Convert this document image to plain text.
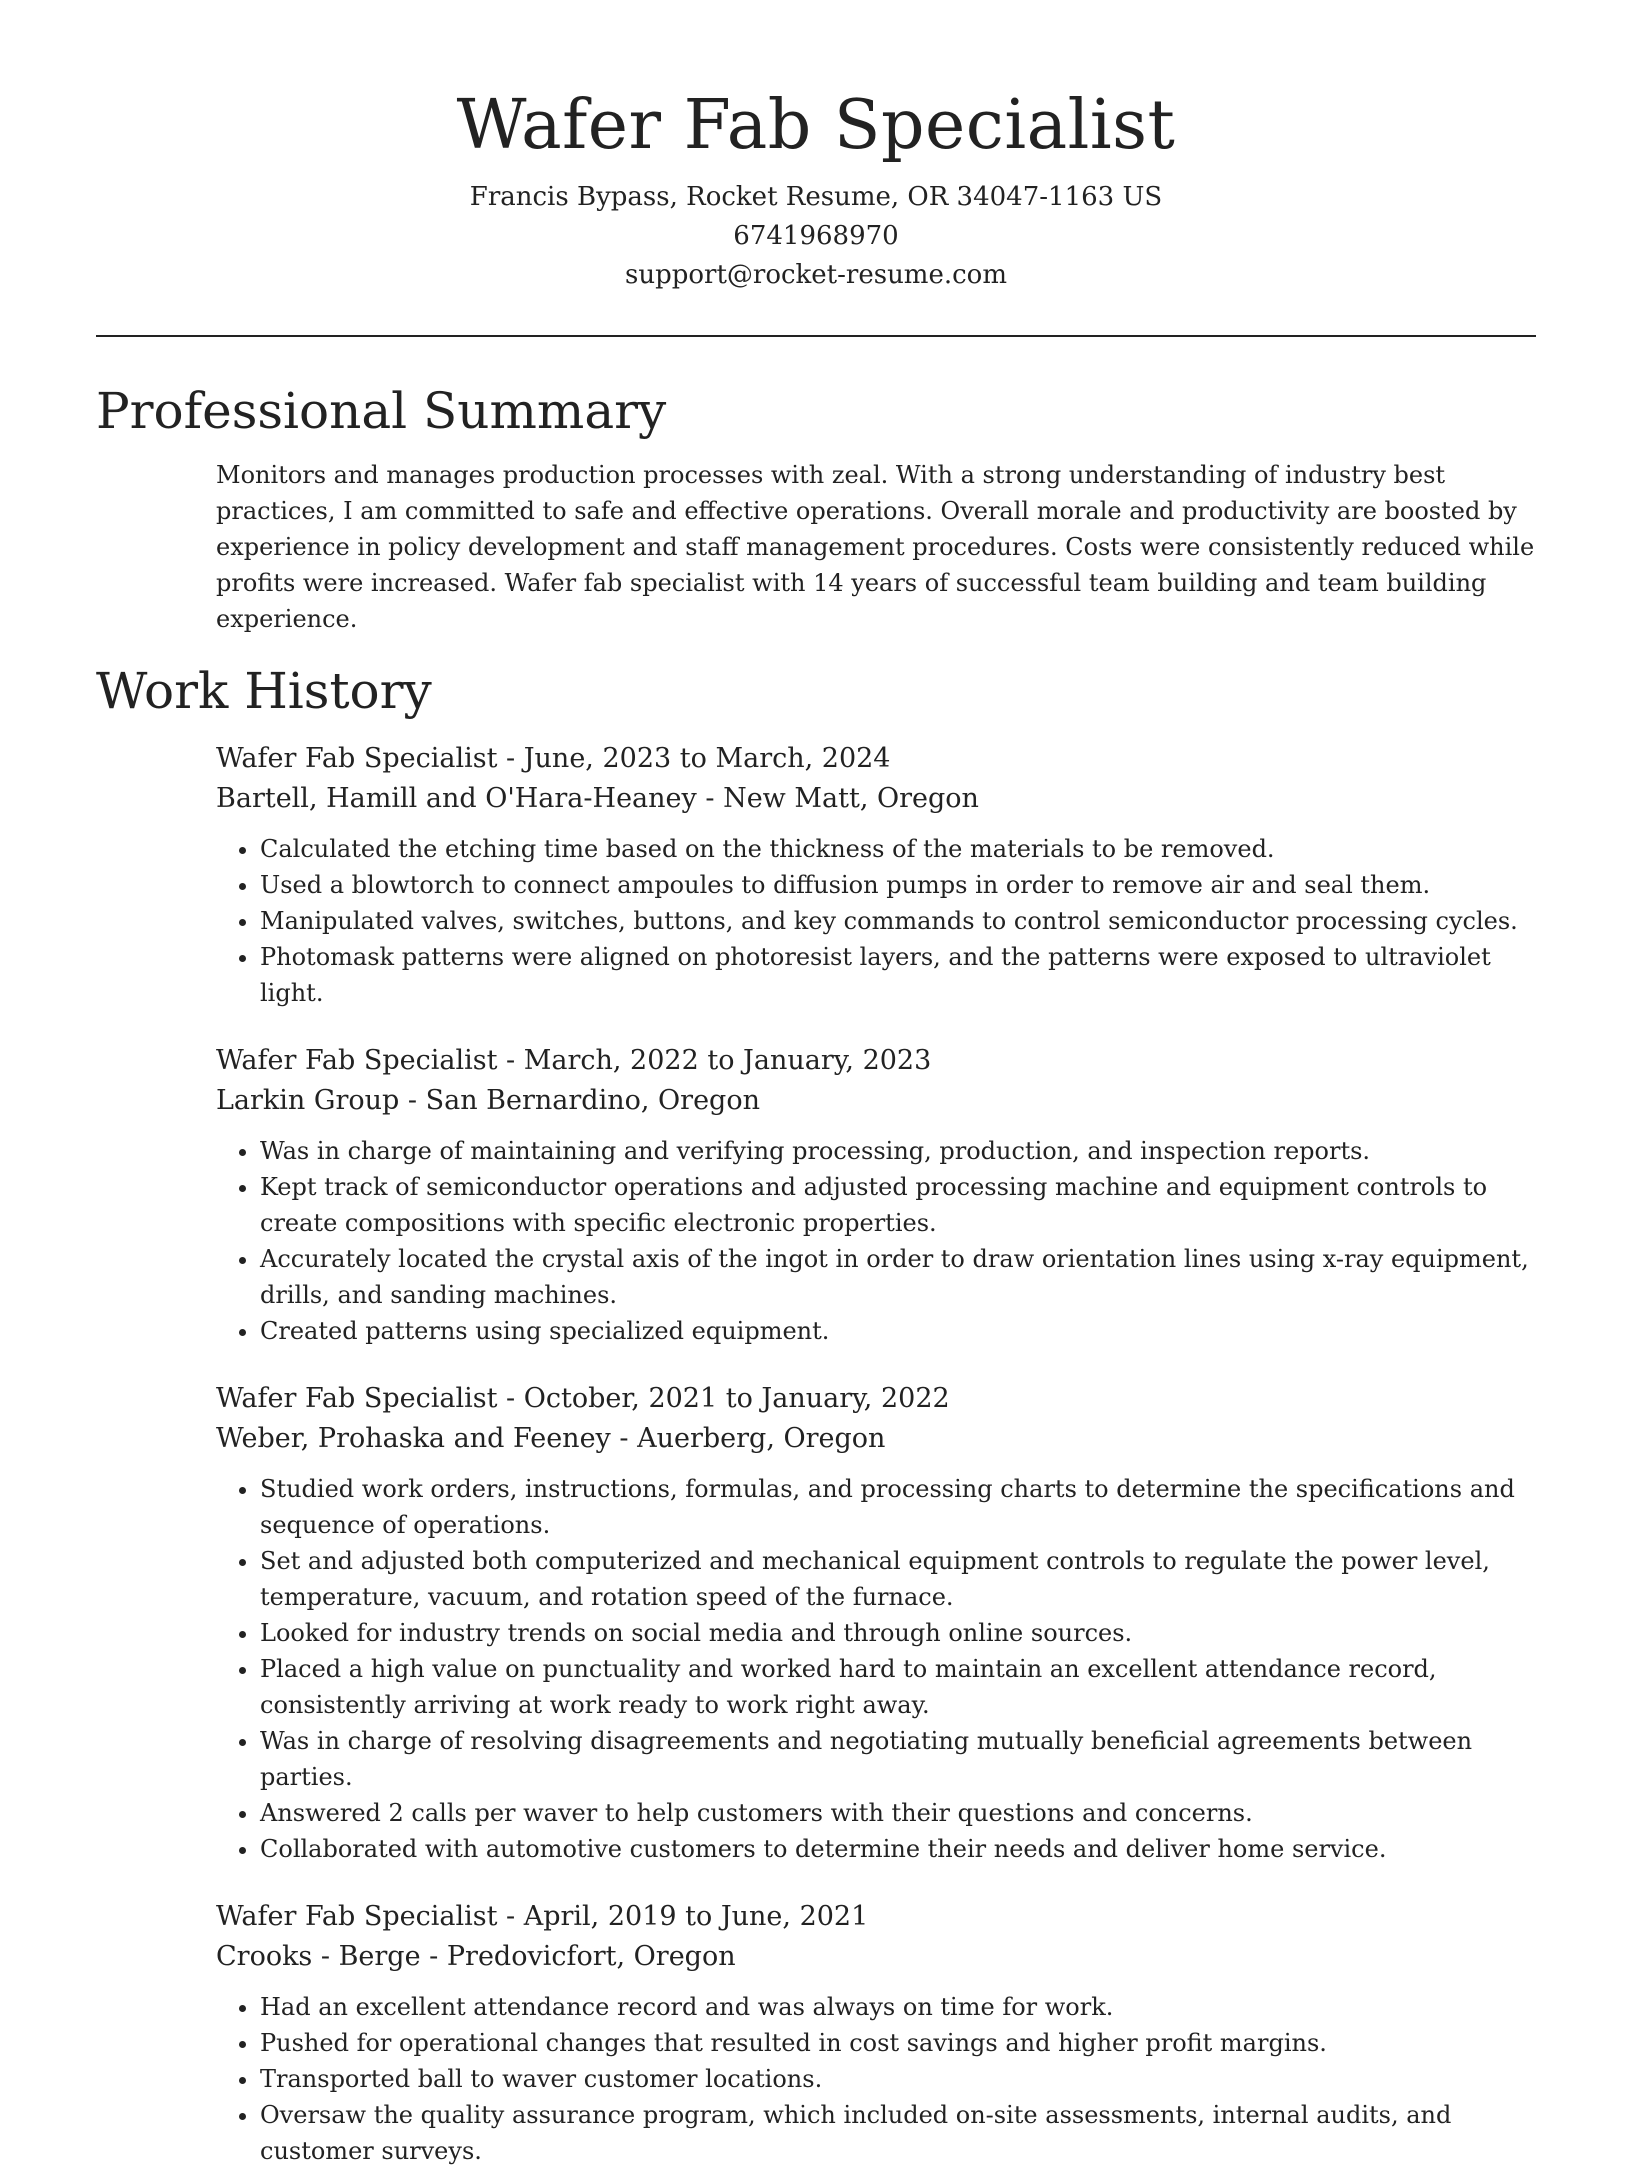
Wafer Fab Specialist
Francis Bypass, Rocket Resume, OR 34047-1163 US
6741968970
support@rocket-resume.com
Professional Summary

Monitors and manages production processes with zeal. With a strong understanding of industry best practices, I am committed to safe and effective operations. Overall morale and productivity are boosted by experience in policy development and staff management procedures. Costs were consistently reduced while profits were increased. Wafer fab specialist with 14 years of successful team building and team building experience.

Work History
Wafer Fab Specialist - June, 2023 to March, 2024
Bartell, Hamill and O'Hara-Heaney - New Matt, Oregon
• Calculated the etching time based on the thickness of the materials to be removed.
• Used a blowtorch to connect ampoules to diffusion pumps in order to remove air and seal them.
• Manipulated valves, switches, buttons, and key commands to control semiconductor processing cycles.
• Photomask patterns were aligned on photoresist layers, and the patterns were exposed to ultraviolet light.
Wafer Fab Specialist - March, 2022 to January, 2023
Larkin Group - San Bernardino, Oregon
• Was in charge of maintaining and verifying processing, production, and inspection reports.
• Kept track of semiconductor operations and adjusted processing machine and equipment controls to create compositions with specific electronic properties.
• Accurately located the crystal axis of the ingot in order to draw orientation lines using x-ray equipment, drills, and sanding machines.
• Created patterns using specialized equipment.
Wafer Fab Specialist - October, 2021 to January, 2022
Weber, Prohaska and Feeney - Auerberg, Oregon
• Studied work orders, instructions, formulas, and processing charts to determine the specifications and sequence of operations.
• Set and adjusted both computerized and mechanical equipment controls to regulate the power level, temperature, vacuum, and rotation speed of the furnace.
• Looked for industry trends on social media and through online sources.
• Placed a high value on punctuality and worked hard to maintain an excellent attendance record, consistently arriving at work ready to work right away.
• Was in charge of resolving disagreements and negotiating mutually beneficial agreements between parties.
• Answered 2 calls per waver to help customers with their questions and concerns.
• Collaborated with automotive customers to determine their needs and deliver home service.
Wafer Fab Specialist - April, 2019 to June, 2021
Crooks - Berge - Predovicfort, Oregon
• Had an excellent attendance record and was always on time for work.
• Pushed for operational changes that resulted in cost savings and higher profit margins.
• Transported ball to waver customer locations.
• Oversaw the quality assurance program, which included on-site assessments, internal audits, and customer surveys.
